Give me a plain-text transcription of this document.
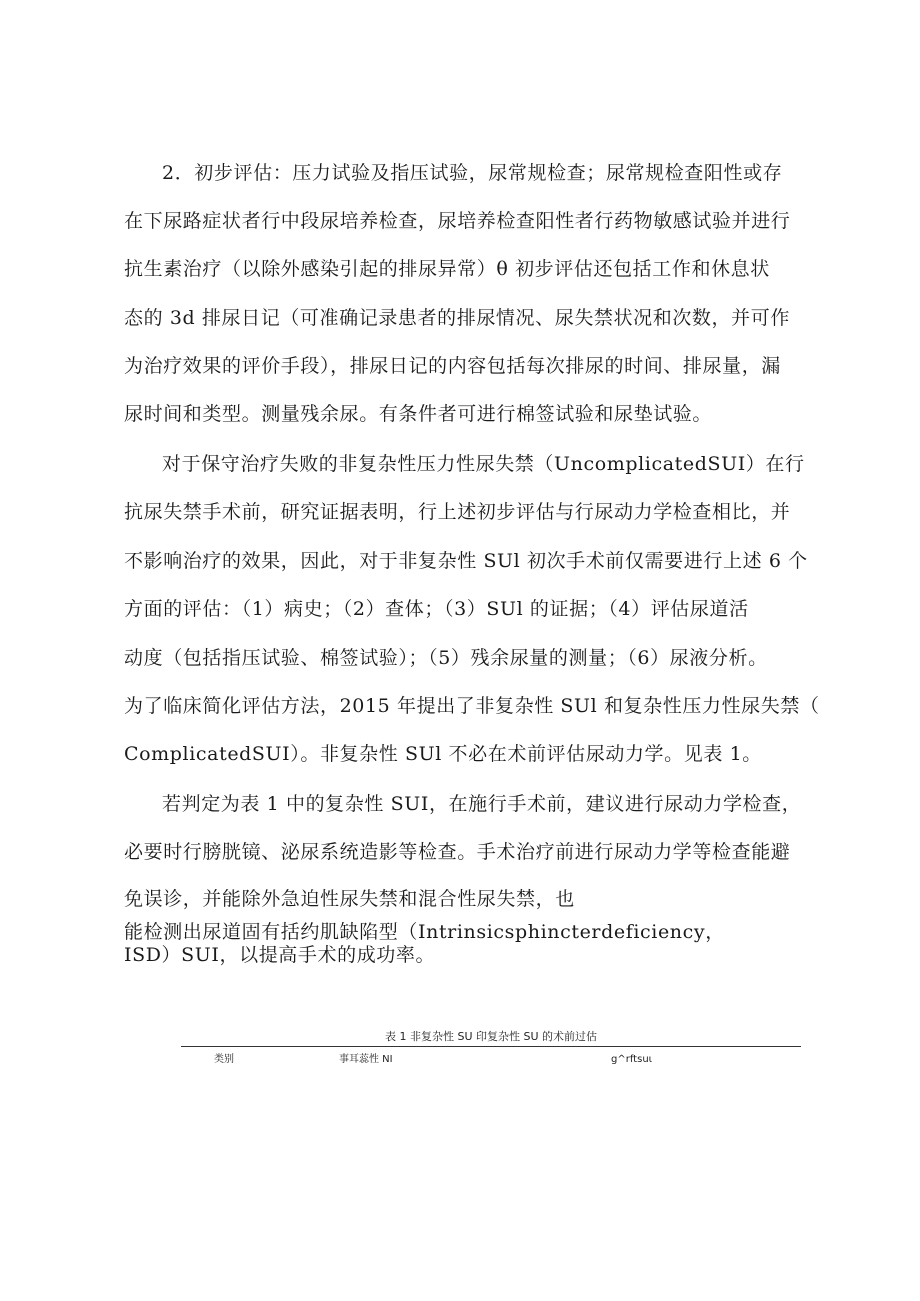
2．初步评估：压力试验及指压试验，尿常规检查；尿常规检查阳性或存
在下尿路症状者行中段尿培养检查，尿培养检查阳性者行药物敏感试验并进行
抗生素治疗（以除外感染引起的排尿异常）θ 初步评估还包括工作和休息状
态的 3d 排尿日记（可准确记录患者的排尿情况、尿失禁状况和次数，并可作
为治疗效果的评价手段），排尿日记的内容包括每次排尿的时间、排尿量，漏
尿时间和类型。测量残余尿。有条件者可进行棉签试验和尿垫试验。
对于保守治疗失败的非复杂性压力性尿失禁（UncomplicatedSUI）在行
抗尿失禁手术前，研究证据表明，行上述初步评估与行尿动力学检查相比，并
不影响治疗的效果，因此，对于非复杂性 SUl 初次手术前仅需要进行上述 6 个
方面的评估：（1）病史；（2）查体；（3）SUl 的证据；（4）评估尿道活
动度（包括指压试验、棉签试验）；（5）残余尿量的测量；（6）尿液分析。
为了临床简化评估方法，2015 年提出了非复杂性 SUl 和复杂性压力性尿失禁（
ComplicatedSUI）。非复杂性 SUl 不必在术前评估尿动力学。见表 1。
若判定为表 1 中的复杂性 SUI，在施行手术前，建议进行尿动力学检查，
必要时行膀胱镜、泌尿系统造影等检查。手术治疗前进行尿动力学等检查能避
免误诊，并能除外急迫性尿失禁和混合性尿失禁，也
能检测出尿道固有括约肌缺陷型（Intrinsicsphincterdeficiency，
ISD）SUI，以提高手术的成功率。
表 1 非复杂性 SU 印复杂性 SU 的术前过估
类别	事耳蕊性 NI	g^rftsuι
